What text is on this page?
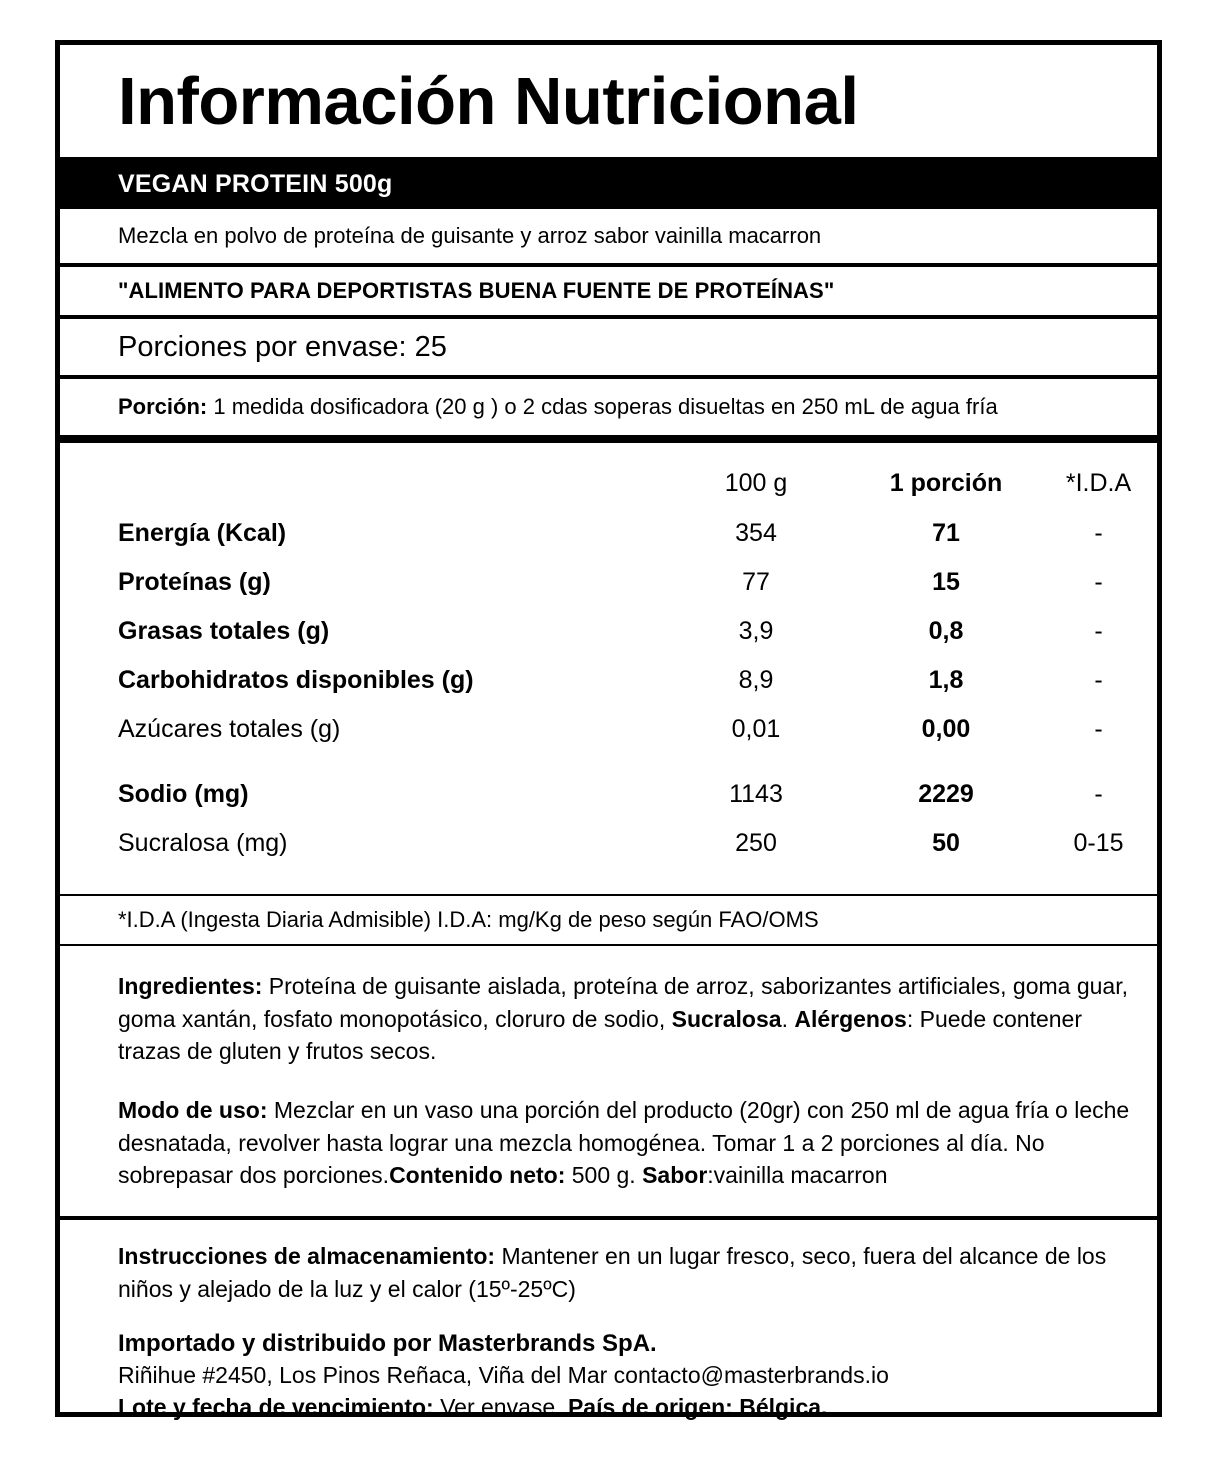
Información Nutricional
VEGAN PROTEIN 500g
Mezcla en polvo de proteína de guisante y arroz sabor vainilla macarron
"ALIMENTO PARA DEPORTISTAS BUENA FUENTE DE PROTEÍNAS"
Porciones por envase: 25
Porción: 1 medida dosificadora (20 g ) o 2 cdas soperas disueltas en 250 mL de agua fría
	100 g	1 porción	*I.D.A
Energía (Kcal)	354	71	-
Proteínas (g)	77	15	-
Grasas totales (g)	3,9	0,8	-
Carbohidratos disponibles (g)	8,9	1,8	-
Azúcares totales (g)	0,01	0,00	-
Sodio (mg)	1143	2229	-
Sucralosa (mg)	250	50	0-15
*I.D.A (Ingesta Diaria Admisible) I.D.A: mg/Kg de peso según FAO/OMS

Ingredientes: Proteína de guisante aislada, proteína de arroz, saborizantes artificiales, goma guar, goma xantán, fosfato monopotásico, cloruro de sodio, Sucralosa. Alérgenos: Puede contener trazas de gluten y frutos secos.

Modo de uso: Mezclar en un vaso una porción del producto (20gr) con 250 ml de agua fría o leche desnatada, revolver hasta lograr una mezcla homogénea. Tomar 1 a 2 porciones al día. No sobrepasar dos porciones.Contenido neto: 500 g. Sabor:vainilla macarron

Instrucciones de almacenamiento: Mantener en un lugar fresco, seco, fuera del alcance de los niños y alejado de la luz y el calor (15º-25ºC)

Importado y distribuido por Masterbrands SpA.
Riñihue #2450, Los Pinos Reñaca, Viña del Mar contacto@masterbrands.io
Lote y fecha de vencimiento: Ver envase. País de origen: Bélgica.
